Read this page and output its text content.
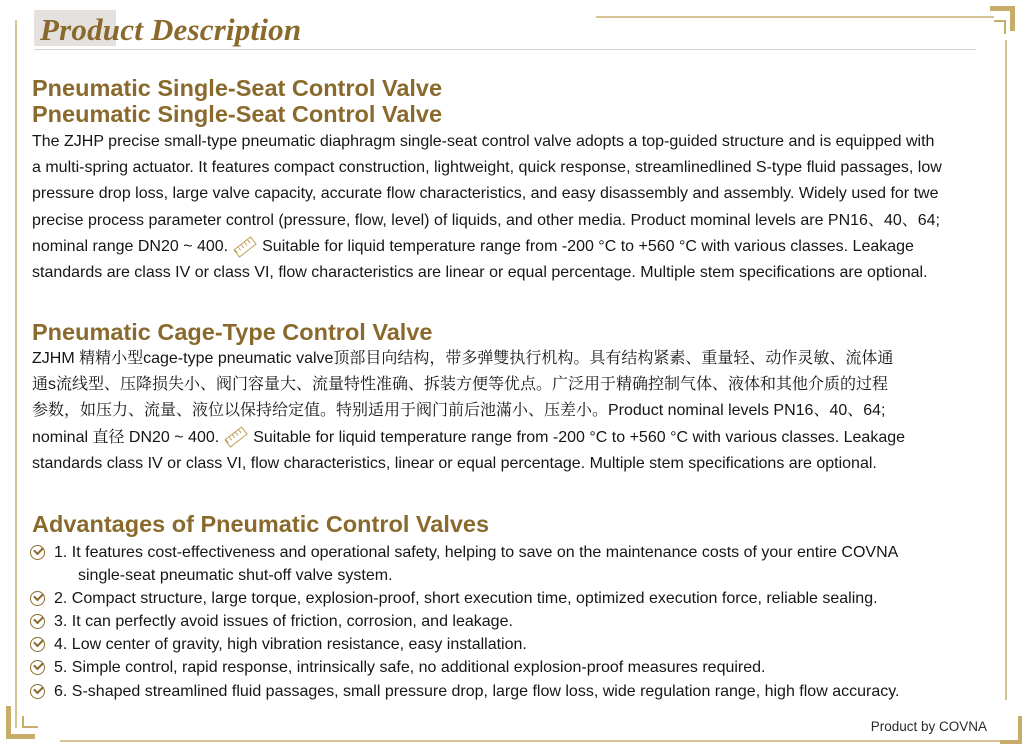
Product Description
Pneumatic Single-Seat Control Valve
Pneumatic Single-Seat Control Valve
The ZJHP precise small-type pneumatic diaphragm single-seat control valve adopts a top-guided structure and is equipped with
a multi-spring actuator. It features compact construction, lightweight, quick response, streamlinedlined S-type fluid passages, low
pressure drop loss, large valve capacity, accurate flow characteristics, and easy disassembly and assembly. Widely used for twe
precise process parameter control (pressure, flow, level) of liquids, and other media. Product mominal levels are PN16、40、64;
nominal range DN20 ~ 400. Suitable for liquid temperature range from -200 °C to +560 °C with various classes. Leakage
standards are class IV or class VI, flow characteristics are linear or equal percentage. Multiple stem specifications are optional.
Pneumatic Cage-Type Control Valve
ZJHM 精精小型cage-type pneumatic valve顶部目向结构，带多弹雙执行机构。具有结构紧素、重量轻、动作灵敏、流体通
通s流线型、压降损失小、阀门容量大、流量特性准确、拆装方便等优点。广泛用于精确控制气体、液体和其他介质的过程
参数，如压力、流量、液位以保持给定值。特别适用于阀门前后池滿小、压差小。Product nominal levels PN16、40、64;
nominal 直径 DN20 ~ 400. Suitable for liquid temperature range from -200 °C to +560 °C with various classes. Leakage
standards class IV or class VI, flow characteristics, linear or equal percentage. Multiple stem specifications are optional.
Advantages of Pneumatic Control Valves
1. It features cost-effectiveness and operational safety, helping to save on the maintenance costs of your entire COVNA
single-seat pneumatic shut-off valve system.
2. Compact structure, large torque, explosion-proof, short execution time, optimized execution force, reliable sealing.
3. It can perfectly avoid issues of friction, corrosion, and leakage.
4. Low center of gravity, high vibration resistance, easy installation.
5. Simple control, rapid response, intrinsically safe, no additional explosion-proof measures required.
6. S-shaped streamlined fluid passages, small pressure drop, large flow loss, wide regulation range, high flow accuracy.
Product by COVNA
